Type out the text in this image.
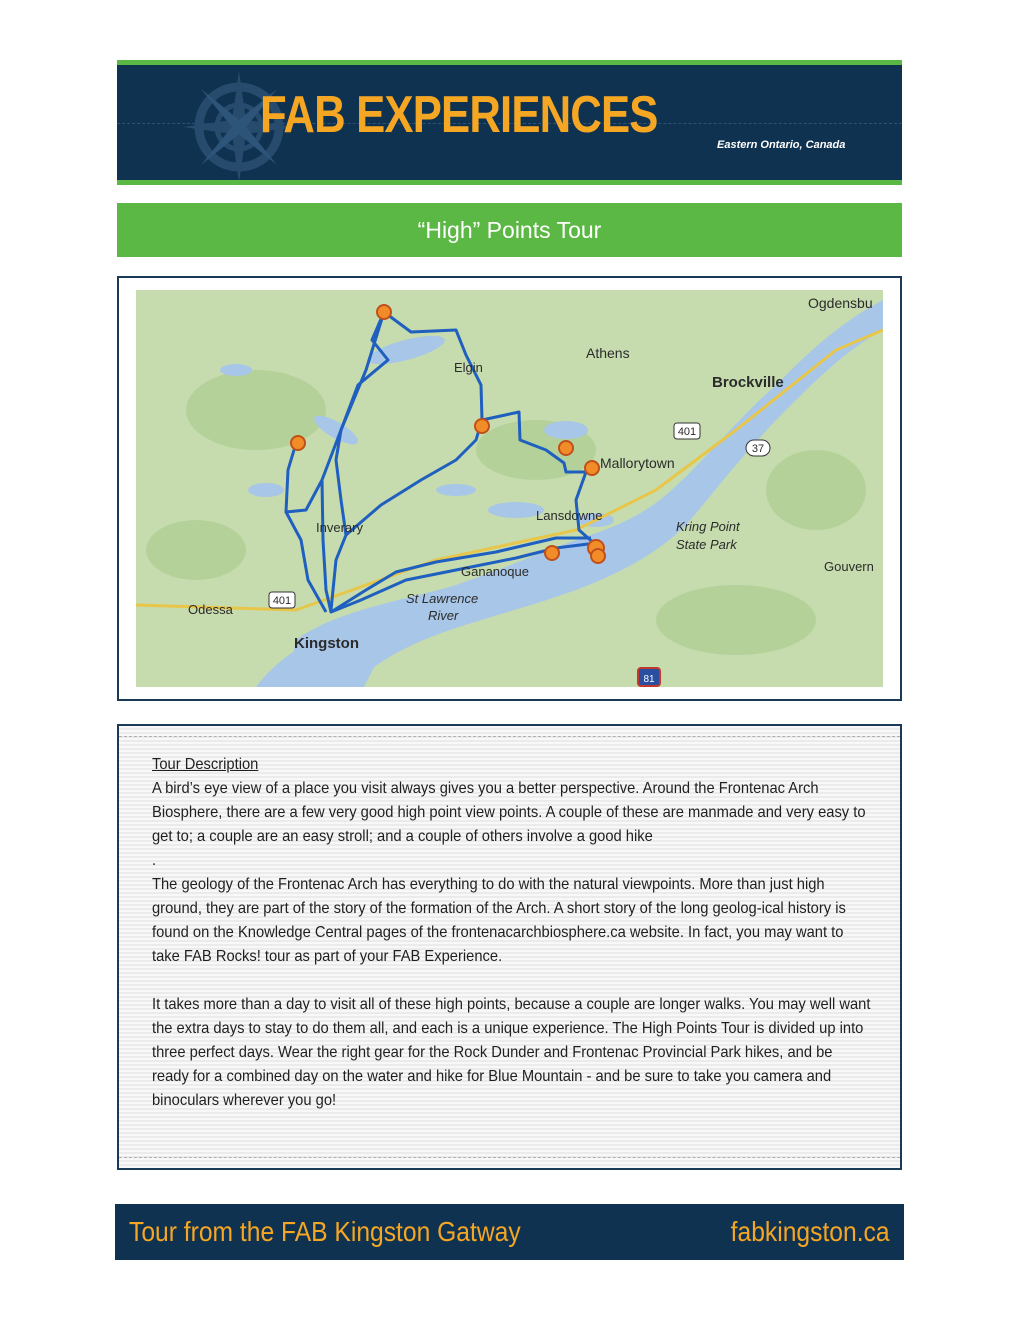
FAB EXPERIENCES
Eastern Ontario, Canada
“High” Points Tour
401
37
401
81
Ogdensbu
Athens
Elgin
Brockville
Mallorytown
Lansdowne
Kring Point
State Park
Gouvern
Inverary
Gananoque
St Lawrence
River
Odessa
Kingston

Tour Description

A bird’s eye view of a place you visit always gives you a better perspective. Around the Frontenac Arch Biosphere, there are a few very good high point view points. A couple of these are manmade and very easy to get to; a couple are an easy stroll; and a couple of others involve a good hike

.

The geology of the Frontenac Arch has everything to do with the natural viewpoints. More than just high ground, they are part of the story of the formation of the Arch. A short story of the long geolog-ical history is found on the Knowledge Central pages of the frontenacarchbiosphere.ca website. In fact, you may want to take FAB Rocks! tour as part of your FAB Experience.

It takes more than a day to visit all of these high points, because a couple are longer walks. You may well want the extra days to stay to do them all, and each is a unique experience. The High Points Tour is divided up into three perfect days. Wear the right gear for the Rock Dunder and Frontenac Provincial Park hikes, and be ready for a combined day on the water and hike for Blue Mountain - and be sure to take you camera and binoculars wherever you go!

Tour from the FAB Kingston Gatway	fabkingston.ca
